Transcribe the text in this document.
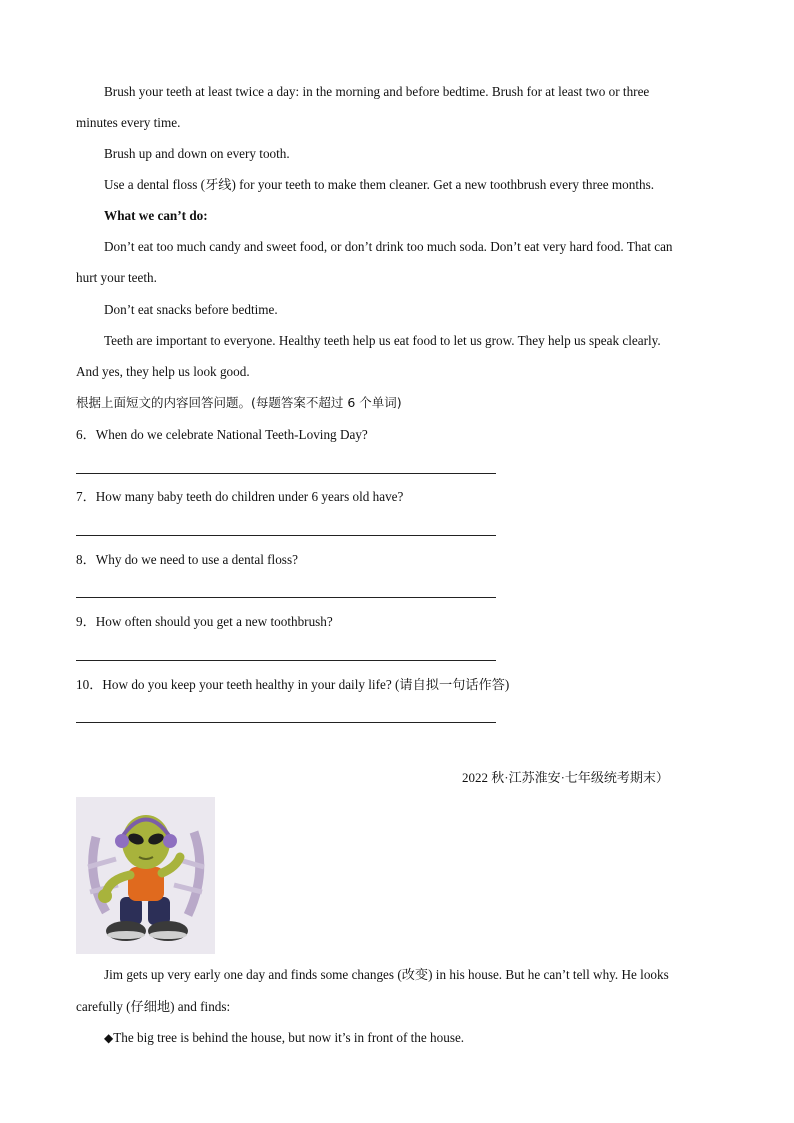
Brush your teeth at least twice a day: in the morning and before bedtime. Brush for at least two or three
minutes every time.
Brush up and down on every tooth.
Use a dental floss (牙线) for your teeth to make them cleaner. Get a new toothbrush every three months.
What we can’t do:
Don’t eat too much candy and sweet food, or don’t drink too much soda. Don’t eat very hard food. That can
hurt your teeth.
Don’t eat snacks before bedtime.
Teeth are important to everyone. Healthy teeth help us eat food to let us grow. They help us speak clearly.
And yes, they help us look good.
根据上面短文的内容回答问题。(每题答案不超过 6 个单词)
6．When do we celebrate National Teeth-Loving Day?
7．How many baby teeth do children under 6 years old have?
8．Why do we need to use a dental floss?
9．How often should you get a new toothbrush?
10．How do you keep your teeth healthy in your daily life? (请自拟一句话作答)
2022 秋·江苏淮安·七年级统考期末）
Jim gets up very early one day and finds some changes (改变) in his house. But he can’t tell why. He looks
carefully (仔细地) and finds:
◆The big tree is behind the house, but now it’s in front of the house.
